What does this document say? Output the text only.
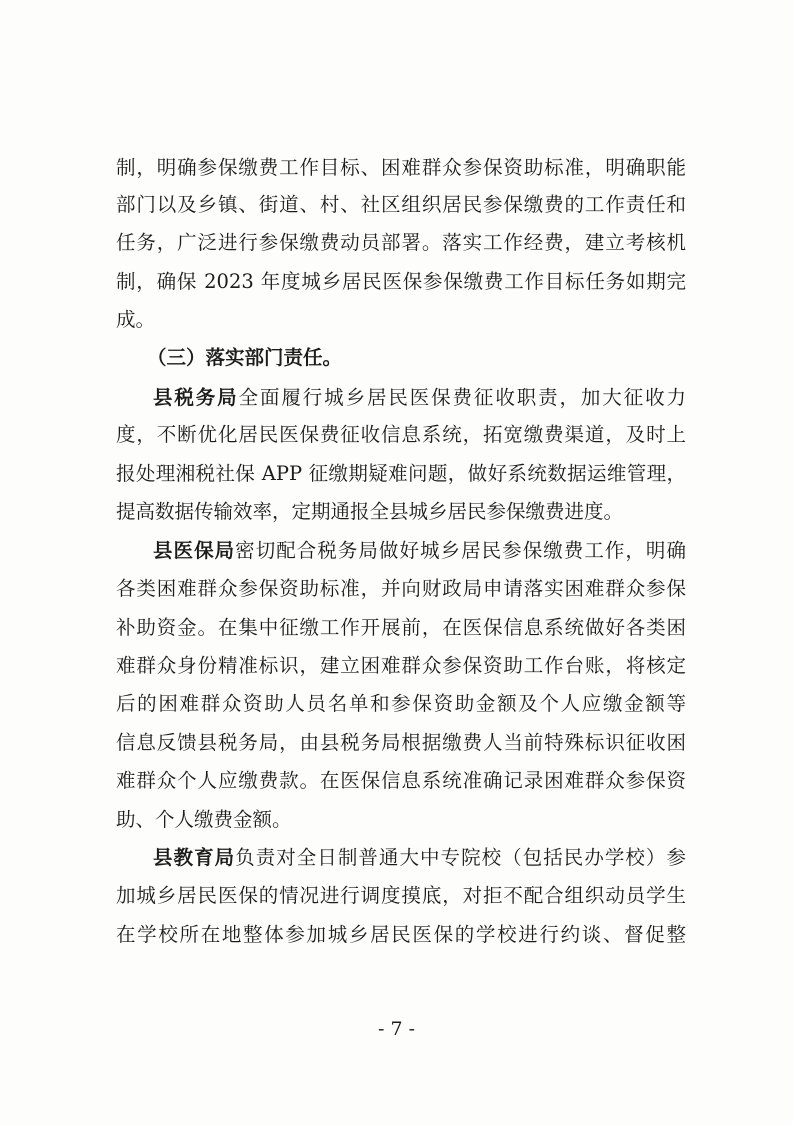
制，明确参保缴费工作目标、困难群众参保资助标准，明确职能
部门以及乡镇、街道、村、社区组织居民参保缴费的工作责任和
任务，广泛进行参保缴费动员部署。落实工作经费，建立考核机
制，确保 2023 年度城乡居民医保参保缴费工作目标任务如期完
成。
（三）落实部门责任。
县税务局全面履行城乡居民医保费征收职责，加大征收力
度，不断优化居民医保费征收信息系统，拓宽缴费渠道，及时上
报处理湘税社保 APP 征缴期疑难问题，做好系统数据运维管理，
提高数据传输效率，定期通报全县城乡居民参保缴费进度。
县医保局密切配合税务局做好城乡居民参保缴费工作，明确
各类困难群众参保资助标准，并向财政局申请落实困难群众参保
补助资金。在集中征缴工作开展前，在医保信息系统做好各类困
难群众身份精准标识，建立困难群众参保资助工作台账，将核定
后的困难群众资助人员名单和参保资助金额及个人应缴金额等
信息反馈县税务局，由县税务局根据缴费人当前特殊标识征收困
难群众个人应缴费款。在医保信息系统准确记录困难群众参保资
助、个人缴费金额。
县教育局负责对全日制普通大中专院校（包括民办学校）参
加城乡居民医保的情况进行调度摸底，对拒不配合组织动员学生
在学校所在地整体参加城乡居民医保的学校进行约谈、督促整
- 7 -
